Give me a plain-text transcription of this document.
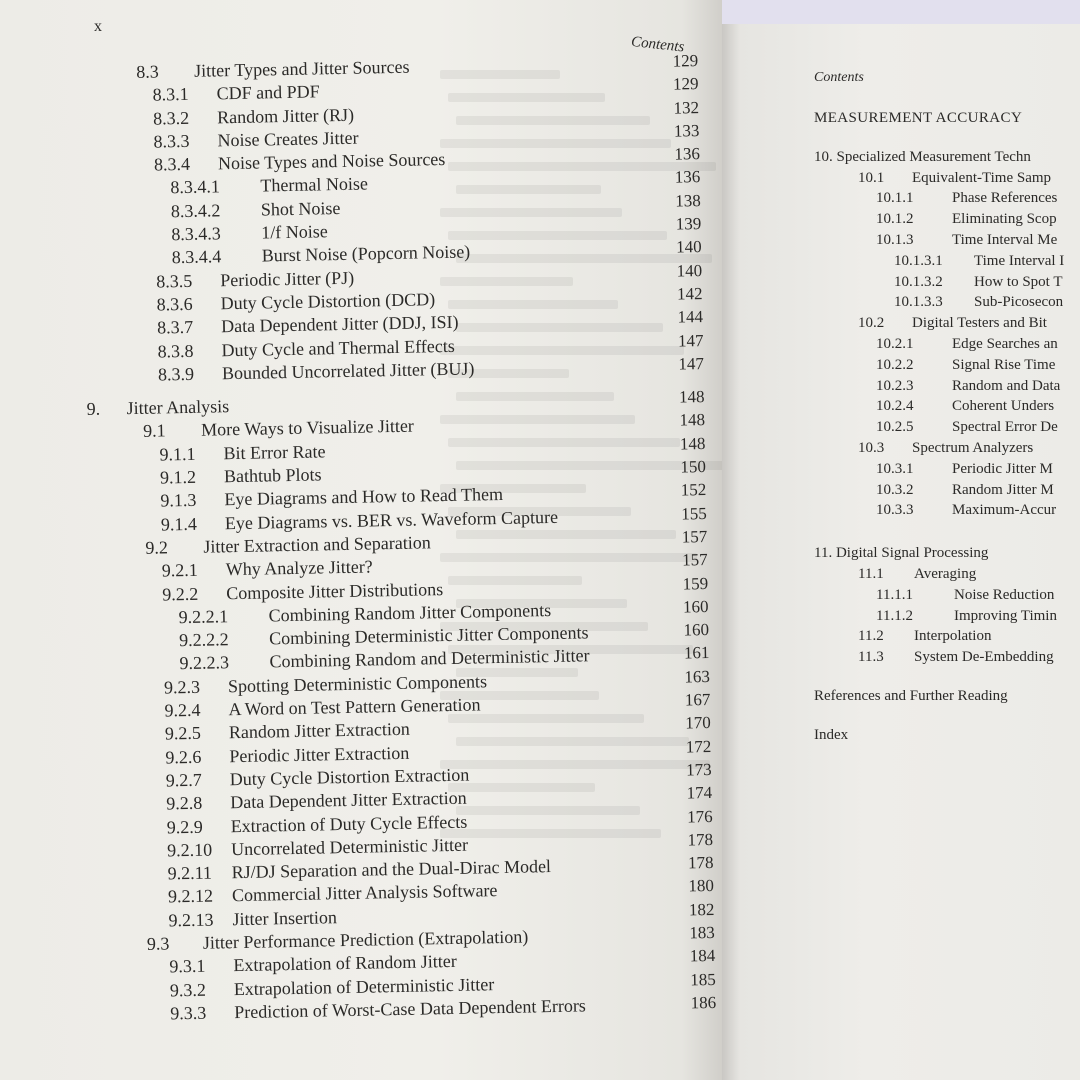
x
Contents
8.3 Jitter Types and Jitter Sources	129
8.3.1 CDF and PDF	129
8.3.2 Random Jitter (RJ)	132
8.3.3 Noise Creates Jitter	133
8.3.4 Noise Types and Noise Sources	136
8.3.4.1 Thermal Noise	136
8.3.4.2 Shot Noise	138
8.3.4.3 1/f Noise	139
8.3.4.4 Burst Noise (Popcorn Noise)	140
8.3.5 Periodic Jitter (PJ)	140
8.3.6 Duty Cycle Distortion (DCD)	142
8.3.7 Data Dependent Jitter (DDJ, ISI)	144
8.3.8 Duty Cycle and Thermal Effects	147
8.3.9 Bounded Uncorrelated Jitter (BUJ)	147
9. Jitter Analysis	148
9.1 More Ways to Visualize Jitter	148
9.1.1 Bit Error Rate	148
9.1.2 Bathtub Plots	150
9.1.3 Eye Diagrams and How to Read Them	152
9.1.4 Eye Diagrams vs. BER vs. Waveform Capture	155
9.2 Jitter Extraction and Separation	157
9.2.1 Why Analyze Jitter?	157
9.2.2 Composite Jitter Distributions	159
9.2.2.1 Combining Random Jitter Components	160
9.2.2.2 Combining Deterministic Jitter Components	160
9.2.2.3 Combining Random and Deterministic Jitter	161
9.2.3 Spotting Deterministic Components	163
9.2.4 A Word on Test Pattern Generation	167
9.2.5 Random Jitter Extraction	170
9.2.6 Periodic Jitter Extraction	172
9.2.7 Duty Cycle Distortion Extraction	173
9.2.8 Data Dependent Jitter Extraction	174
9.2.9 Extraction of Duty Cycle Effects	176
9.2.10 Uncorrelated Deterministic Jitter	178
9.2.11 RJ/DJ Separation and the Dual-Dirac Model	178
9.2.12 Commercial Jitter Analysis Software	180
9.2.13 Jitter Insertion	182
9.3 Jitter Performance Prediction (Extrapolation)	183
9.3.1 Extrapolation of Random Jitter	184
9.3.2 Extrapolation of Deterministic Jitter	185
9.3.3 Prediction of Worst-Case Data Dependent Errors	186
Contents
MEASUREMENT ACCURACY
10. Specialized Measurement Techn
10.1 Equivalent-Time Samp
10.1.1	Phase References
10.1.2	Eliminating Scop
10.1.3	Time Interval Me
10.1.3.1 Time Interval I
10.1.3.2 How to Spot T
10.1.3.3 Sub-Picosecon
10.2 Digital Testers and Bit
10.2.1	Edge Searches an
10.2.2	Signal Rise Time
10.2.3	Random and Data
10.2.4	Coherent Unders
10.2.5	Spectral Error De
10.3 Spectrum Analyzers
10.3.1	Periodic Jitter M
10.3.2	Random Jitter M
10.3.3	Maximum-Accur
11. Digital Signal Processing
11.1 Averaging
11.1.1	Noise Reduction
11.1.2	Improving Timin
11.2 Interpolation
11.3 System De-Embedding
References and Further Reading
Index
